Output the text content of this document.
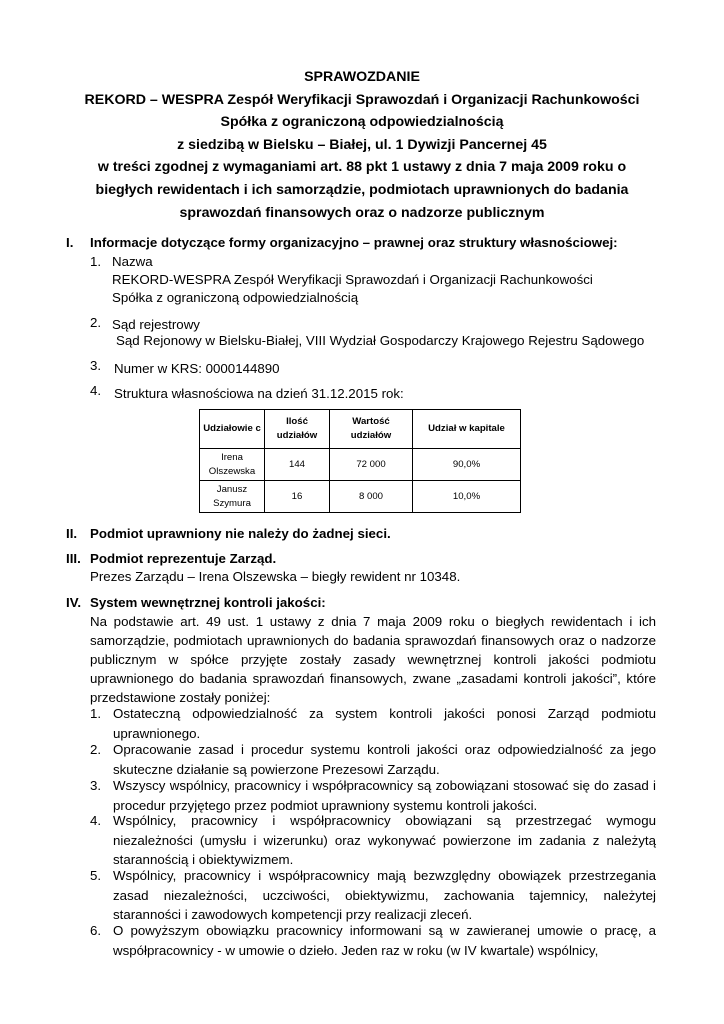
SPRAWOZDANIE
REKORD – WESPRA Zespół Weryfikacji Sprawozdań i Organizacji Rachunkowości
Spółka z ograniczoną odpowiedzialnością
z siedzibą w Bielsku – Białej, ul. 1 Dywizji Pancernej 45
w treści zgodnej z wymaganiami art. 88 pkt 1 ustawy z dnia 7 maja 2009 roku o
biegłych rewidentach i ich samorządzie, podmiotach uprawnionych do badania
sprawozdań finansowych oraz o nadzorze publicznym
I. Informacje dotyczące formy organizacyjno – prawnej oraz struktury własnościowej:
1. Nazwa
REKORD-WESPRA Zespół Weryfikacji Sprawozdań i Organizacji Rachunkowości
Spółka z ograniczoną odpowiedzialnością
2. Sąd rejestrowy
Sąd Rejonowy w Bielsku-Białej, VIII Wydział Gospodarczy Krajowego Rejestru Sądowego
3. Numer w KRS: 0000144890
4. Struktura własnościowa na dzień 31.12.2015 rok:
Udziałowie c	Ilość udziałów	Wartość udziałów	Udział w kapitale
Irena Olszewska	144	72 000	90,0%
Janusz Szymura	16	8 000	10,0%
II. Podmiot uprawniony nie należy do żadnej sieci.
III. Podmiot reprezentuje Zarząd.
Prezes Zarządu – Irena Olszewska – biegły rewident nr 10348.
IV. System wewnętrznej kontroli jakości:
Na podstawie art. 49 ust. 1 ustawy z dnia 7 maja 2009 roku o biegłych rewidentach i ich samorządzie, podmiotach uprawnionych do badania sprawozdań finansowych oraz o nadzorze publicznym w spółce przyjęte zostały zasady wewnętrznej kontroli jakości podmiotu uprawnionego do badania sprawozdań finansowych, zwane „zasadami kontroli jakości”, które przedstawione zostały poniżej:
1. Ostateczną odpowiedzialność za system kontroli jakości ponosi Zarząd podmiotu uprawnionego.
2. Opracowanie zasad i procedur systemu kontroli jakości oraz odpowiedzialność za jego skuteczne działanie są powierzone Prezesowi Zarządu.
3. Wszyscy wspólnicy, pracownicy i współpracownicy są zobowiązani stosować się do zasad i procedur przyjętego przez podmiot uprawniony systemu kontroli jakości.
4. Wspólnicy, pracownicy i współpracownicy obowiązani są przestrzegać wymogu niezależności (umysłu i wizerunku) oraz wykonywać powierzone im zadania z należytą starannością i obiektywizmem.
5. Wspólnicy, pracownicy i współpracownicy mają bezwzględny obowiązek przestrzegania zasad niezależności, uczciwości, obiektywizmu, zachowania tajemnicy, należytej staranności i zawodowych kompetencji przy realizacji zleceń.
6. O powyższym obowiązku pracownicy informowani są w zawieranej umowie o pracę, a współpracownicy - w umowie o dzieło. Jeden raz w roku (w IV kwartale) wspólnicy,
